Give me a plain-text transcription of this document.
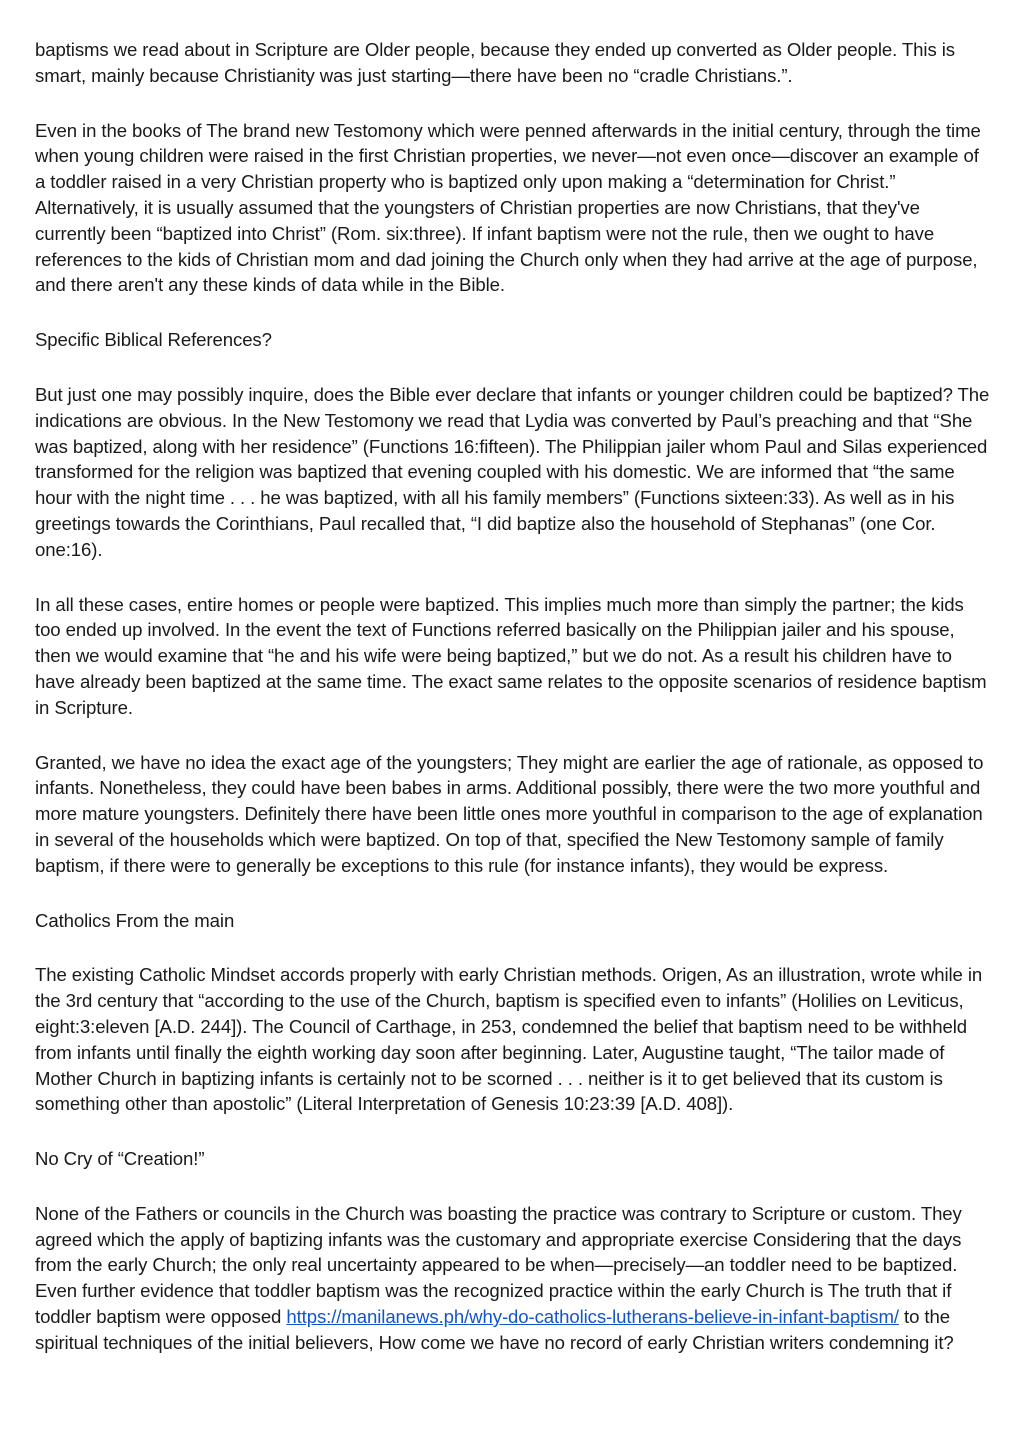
baptisms we read about in Scripture are Older people, because they ended up converted as Older people. This is smart, mainly because Christianity was just starting—there have been no “cradle Christians.”.

Even in the books of The brand new Testomony which were penned afterwards in the initial century, through the time when young children were raised in the first Christian properties, we never—not even once—discover an example of a toddler raised in a very Christian property who is baptized only upon making a “determination for Christ.” Alternatively, it is usually assumed that the youngsters of Christian properties are now Christians, that they've currently been “baptized into Christ” (Rom. six:three). If infant baptism were not the rule, then we ought to have references to the kids of Christian mom and dad joining the Church only when they had arrive at the age of purpose, and there aren't any these kinds of data while in the Bible.

Specific Biblical References?

But just one may possibly inquire, does the Bible ever declare that infants or younger children could be baptized? The indications are obvious. In the New Testomony we read that Lydia was converted by Paul’s preaching and that “She was baptized, along with her residence” (Functions 16:fifteen). The Philippian jailer whom Paul and Silas experienced transformed for the religion was baptized that evening coupled with his domestic. We are informed that “the same hour with the night time . . . he was baptized, with all his family members” (Functions sixteen:33). As well as in his greetings towards the Corinthians, Paul recalled that, “I did baptize also the household of Stephanas” (one Cor. one:16).

In all these cases, entire homes or people were baptized. This implies much more than simply the partner; the kids too ended up involved. In the event the text of Functions referred basically on the Philippian jailer and his spouse, then we would examine that “he and his wife were being baptized,” but we do not. As a result his children have to have already been baptized at the same time. The exact same relates to the opposite scenarios of residence baptism in Scripture.

Granted, we have no idea the exact age of the youngsters; They might are earlier the age of rationale, as opposed to infants. Nonetheless, they could have been babes in arms. Additional possibly, there were the two more youthful and more mature youngsters. Definitely there have been little ones more youthful in comparison to the age of explanation in several of the households which were baptized. On top of that, specified the New Testomony sample of family baptism, if there were to generally be exceptions to this rule (for instance infants), they would be express.

Catholics From the main

The existing Catholic Mindset accords properly with early Christian methods. Origen, As an illustration, wrote while in the 3rd century that “according to the use of the Church, baptism is specified even to infants” (Holilies on Leviticus, eight:3:eleven [A.D. 244]). The Council of Carthage, in 253, condemned the belief that baptism need to be withheld from infants until finally the eighth working day soon after beginning. Later, Augustine taught, “The tailor made of Mother Church in baptizing infants is certainly not to be scorned . . . neither is it to get believed that its custom is something other than apostolic” (Literal Interpretation of Genesis 10:23:39 [A.D. 408]).

No Cry of “Creation!”

None of the Fathers or councils in the Church was boasting the practice was contrary to Scripture or custom. They agreed which the apply of baptizing infants was the customary and appropriate exercise Considering that the days from the early Church; the only real uncertainty appeared to be when—precisely—an toddler need to be baptized. Even further evidence that toddler baptism was the recognized practice within the early Church is The truth that if toddler baptism were opposed https://manilanews.ph/why-do-catholics-lutherans-believe-in-infant-baptism/ to the spiritual techniques of the initial believers, How come we have no record of early Christian writers condemning it?
